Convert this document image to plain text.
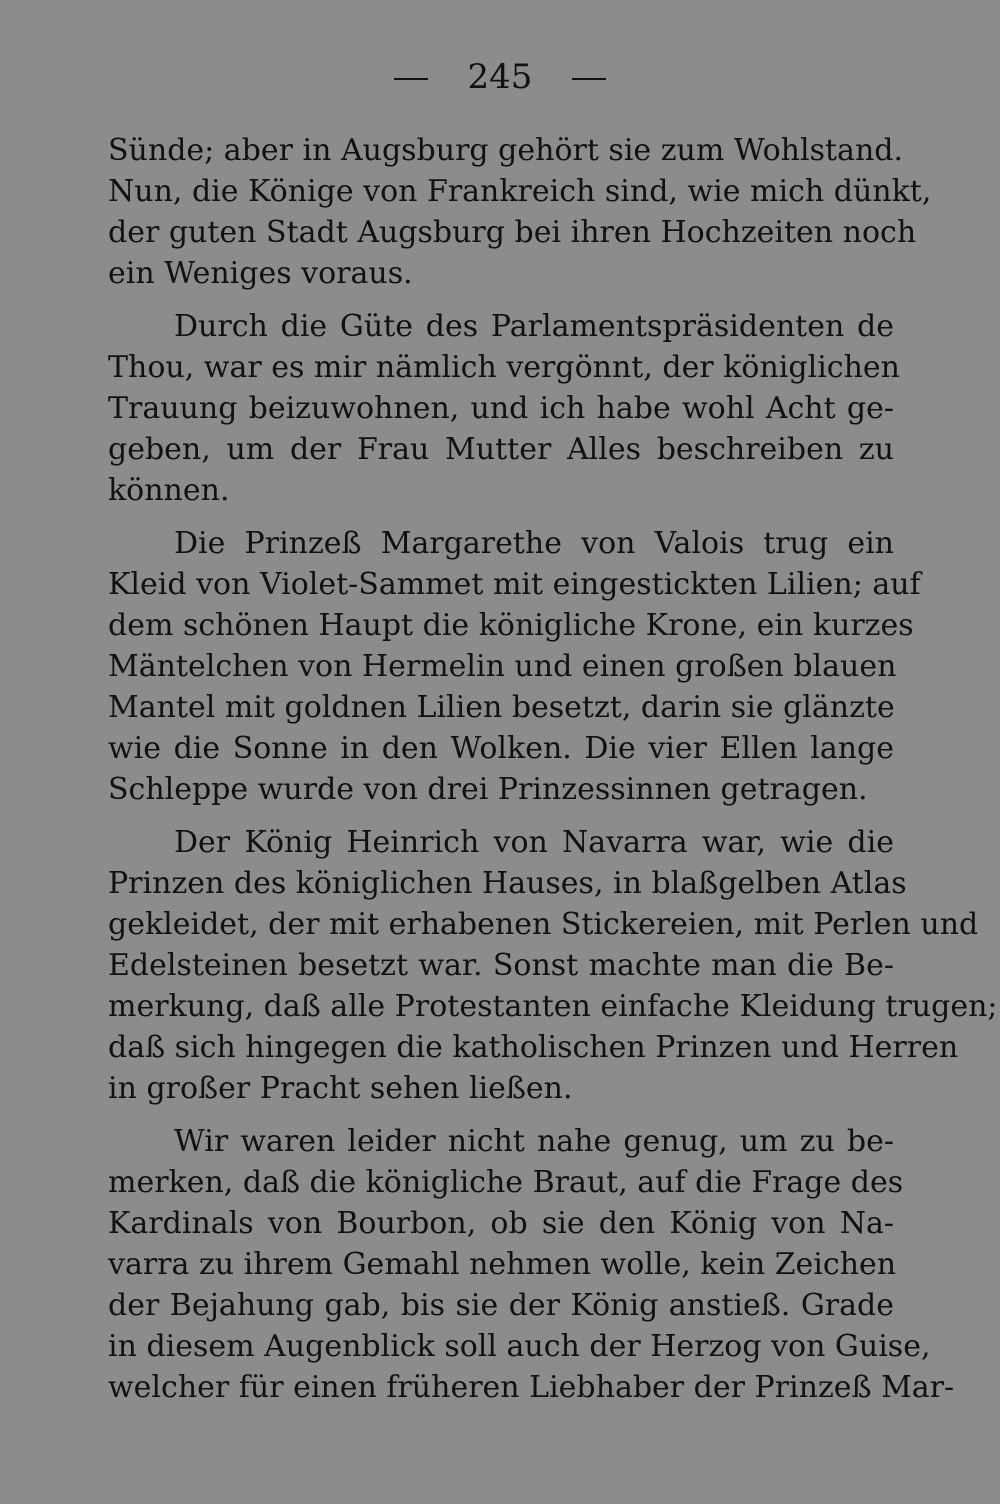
245
Sünde; aber in Augsburg gehört sie zum Wohlstand.
Nun, die Könige von Frankreich sind, wie mich dünkt,
der guten Stadt Augsburg bei ihren Hochzeiten noch
ein Weniges voraus.
Durch die Güte des Parlamentspräsidenten de
Thou, war es mir nämlich vergönnt, der königlichen
Trauung beizuwohnen, und ich habe wohl Acht ge-
geben, um der Frau Mutter Alles beschreiben zu
können.
Die Prinzeß Margarethe von Valois trug ein
Kleid von Violet-Sammet mit eingestickten Lilien; auf
dem schönen Haupt die königliche Krone, ein kurzes
Mäntelchen von Hermelin und einen großen blauen
Mantel mit goldnen Lilien besetzt, darin sie glänzte
wie die Sonne in den Wolken. Die vier Ellen lange
Schleppe wurde von drei Prinzessinnen getragen.
Der König Heinrich von Navarra war, wie die
Prinzen des königlichen Hauses, in blaßgelben Atlas
gekleidet, der mit erhabenen Stickereien, mit Perlen und
Edelsteinen besetzt war. Sonst machte man die Be-
merkung, daß alle Protestanten einfache Kleidung trugen;
daß sich hingegen die katholischen Prinzen und Herren
in großer Pracht sehen ließen.
Wir waren leider nicht nahe genug, um zu be-
merken, daß die königliche Braut, auf die Frage des
Kardinals von Bourbon, ob sie den König von Na-
varra zu ihrem Gemahl nehmen wolle, kein Zeichen
der Bejahung gab, bis sie der König anstieß. Grade
in diesem Augenblick soll auch der Herzog von Guise,
welcher für einen früheren Liebhaber der Prinzeß Mar-
